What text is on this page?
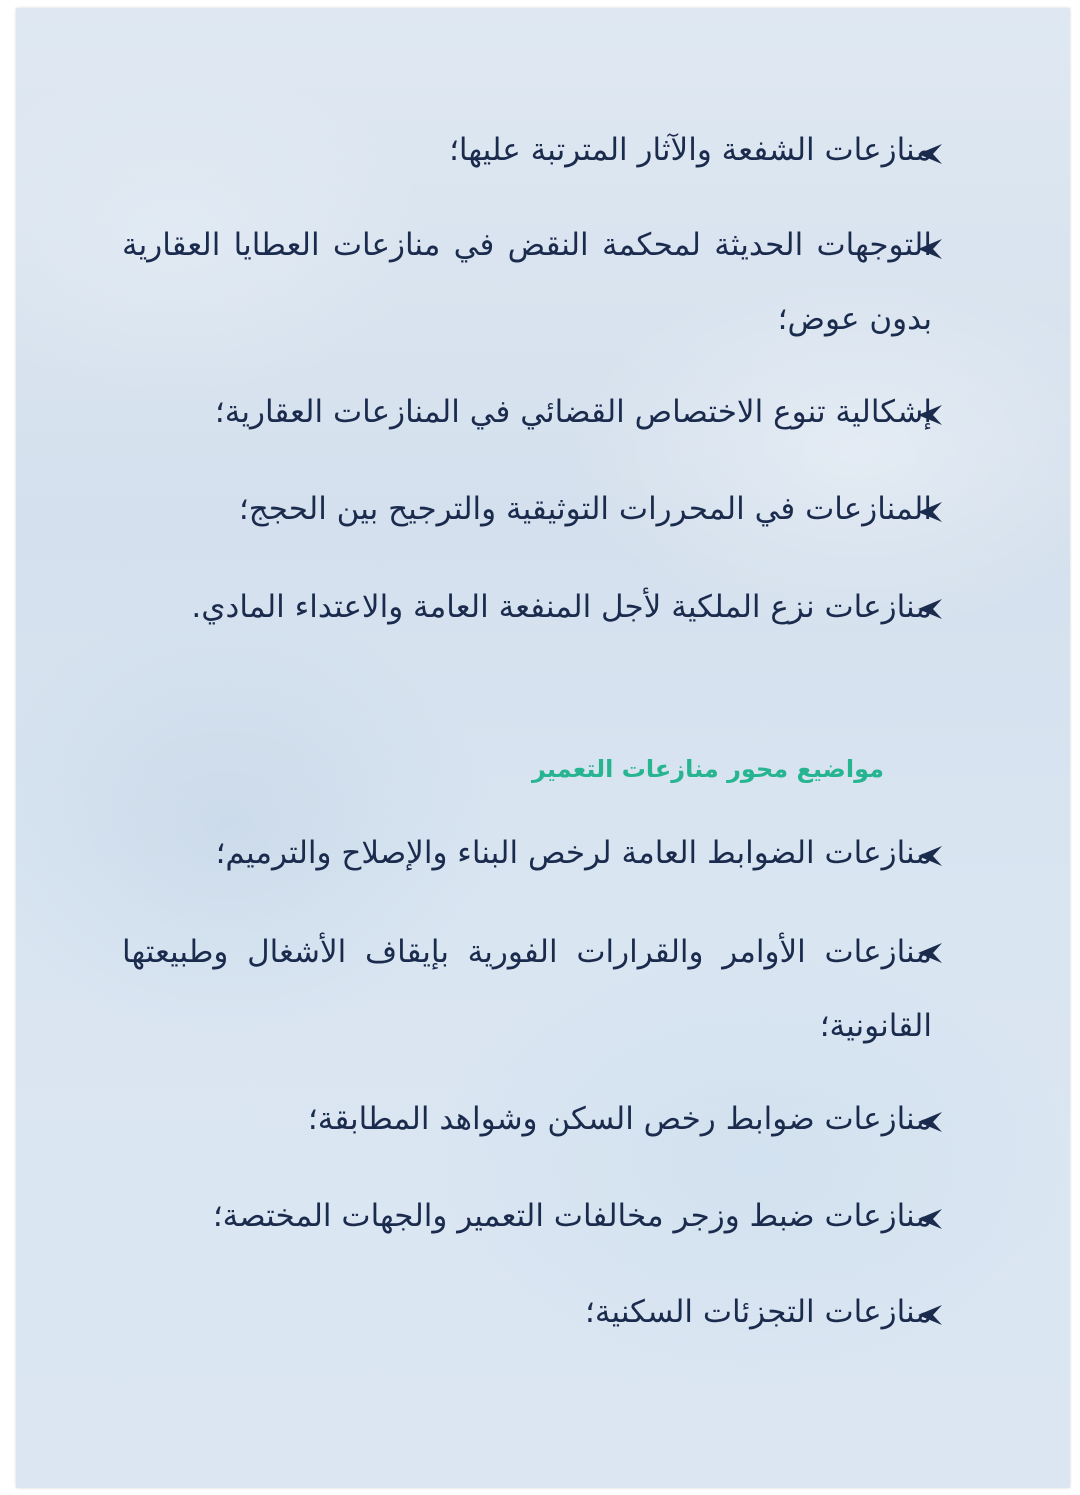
منازعات الشفعة والآثار المترتبة عليها؛
التوجهات الحديثة لمحكمة النقض في منازعات العطايا العقارية بدون عوض؛
إشكالية تنوع الاختصاص القضائي في المنازعات العقارية؛
المنازعات في المحررات التوثيقية والترجيح بين الحجج؛
منازعات نزع الملكية لأجل المنفعة العامة والاعتداء المادي.
مواضيع محور منازعات التعمير
منازعات الضوابط العامة لرخص البناء والإصلاح والترميم؛
منازعات الأوامر والقرارات الفورية بإيقاف الأشغال وطبيعتها القانونية؛
منازعات ضوابط رخص السكن وشواهد المطابقة؛
منازعات ضبط وزجر مخالفات التعمير والجهات المختصة؛
منازعات التجزئات السكنية؛
